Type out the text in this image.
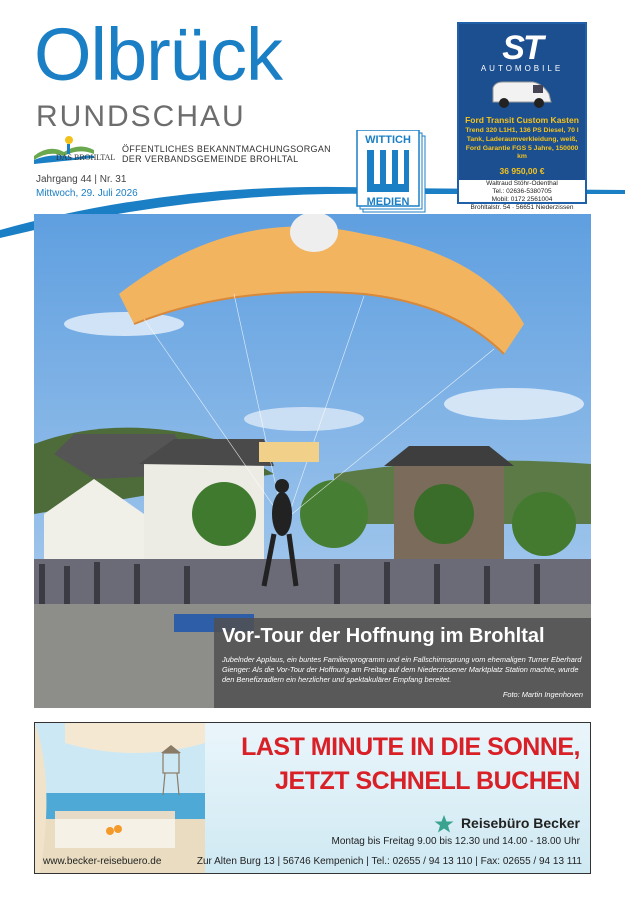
Olbrück
RUNDSCHAU
DAS BROHLTAL
ÖFFENTLICHES BEKANNTMACHUNGSORGAN
DER VERBANDSGEMEINDE BROHLTAL
Jahrgang 44 | Nr. 31
Mittwoch, 29. Juli 2026
WITTICH
MEDIEN
ST
AUTOMOBILE
Ford Transit Custom Kasten
Trend 320 L1H1, 136 PS Diesel, 70 l
Tank, Laderaumverkleidung, weiß,
Ford Garantie FGS 5 Jahre, 150000 km
36 950,00 €
Waltraud Stöhr-Odenthal
Tel.: 02636-5380705
Mobil: 0172 2561004
Brohltalstr. 54 · 56651 Niederzissen
Vor-Tour der Hoffnung im Brohltal
Jubelnder Applaus, ein buntes Familienprogramm und ein Fallschirmsprung vom ehemaligen Turner Eberhard Gienger: Als die Vor-Tour der Hoffnung am Freitag auf dem Niederzissener Marktplatz Station machte, wurde den Benefizradlern ein herzlicher und spektakulärer Empfang bereitet.
Foto: Martin Ingenhoven
LAST MINUTE IN DIE SONNE,
JETZT SCHNELL BUCHEN
Reisebüro Becker
Montag bis Freitag 9.00 bis 12.30 und 14.00 - 18.00 Uhr
www.becker-reisebuero.de	Zur Alten Burg 13 | 56746 Kempenich | Tel.: 02655 / 94 13 110 | Fax: 02655 / 94 13 111
